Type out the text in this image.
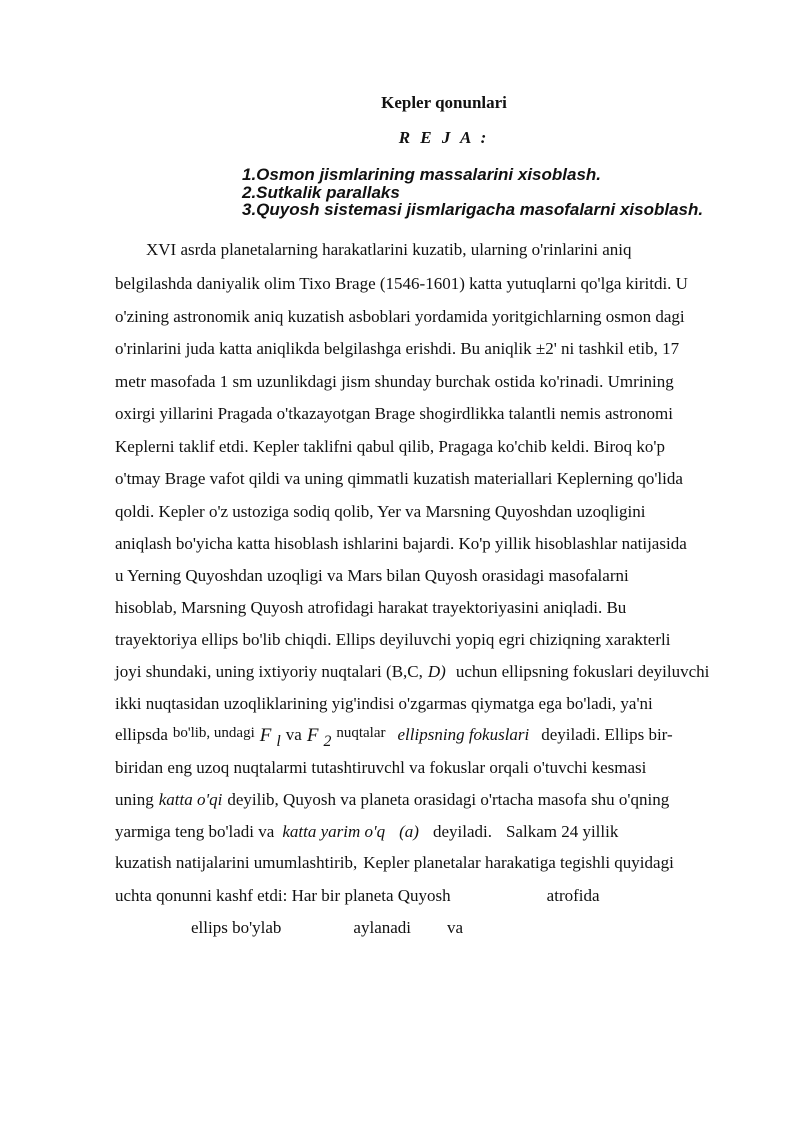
Kepler qonunlari
R E J A :
1.Osmon jismlarining massalarini xisoblash.
2.Sutkalik parallaks
3.Quyosh sistemasi jismlarigacha masofalarni xisoblash.
XVI asrda planetalarning harakatlarini kuzatib, ularning o'rinlarini aniq
belgilashda daniyalik olim Tixo Brage (1546-1601) katta yutuqlarni qo'lga kiritdi. U
o'zining astronomik aniq kuzatish asboblari yordamida yoritgichlarning osmon dagi
o'rinlarini juda katta aniqlikda belgilashga erishdi. Bu aniqlik ±2' ni tashkil etib, 17
metr masofada 1 sm uzunlikdagi jism shunday burchak ostida ko'rinadi. Umrining
oxirgi yillarini Pragada o'tkazayotgan Brage shogirdlikka talantli nemis astronomi
Keplerni taklif etdi. Kepler taklifni qabul qilib, Pragaga ko'chib keldi. Biroq ko'p
o'tmay Brage vafot qildi va uning qimmatli kuzatish materiallari Keplerning qo'lida
qoldi. Kepler o'z ustoziga sodiq qolib, Yer va Marsning Quyoshdan uzoqligini
aniqlash bo'yicha katta hisoblash ishlarini bajardi. Ko'p yillik hisoblashlar natijasida
u Yerning Quyoshdan uzoqligi va Mars bilan Quyosh orasidagi masofalarni
hisoblab, Marsning Quyosh atrofidagi harakat trayektoriyasini aniqladi. Bu
trayektoriya ellips bo'lib chiqdi. Ellips deyiluvchi yopiq egri chiziqning xarakterli
joyi shundaki, uning ixtiyoriy nuqtalari (B,C, D) uchun ellipsning fokuslari deyiluvchi
ikki nuqtasidan uzoqliklarining yig'indisi o'zgarmas qiymatga ega bo'ladi, ya'ni
ellipsda bo'lib, undagi F $_l$ va F $_2$ nuqtalar ellipsning fokuslari deyiladi. Ellips bir-
biridan eng uzoq nuqtalarmi tutashtiruvchl va fokuslar orqali o'tuvchi kesmasi
uning katta o'qi deyilib, Quyosh va planeta orasidagi o'rtacha masofa shu o'qning
yarmiga teng bo'ladi va katta yarim o'q (a) deyiladi. Salkam 24 yillik
kuzatish natijalarini umumlashtirib, Kepler planetalar harakatiga tegishli quyidagi
uchta qonunni kashf etdi: Har bir planeta Quyosh	atrofida
ellips bo'ylab	aylanadi va
